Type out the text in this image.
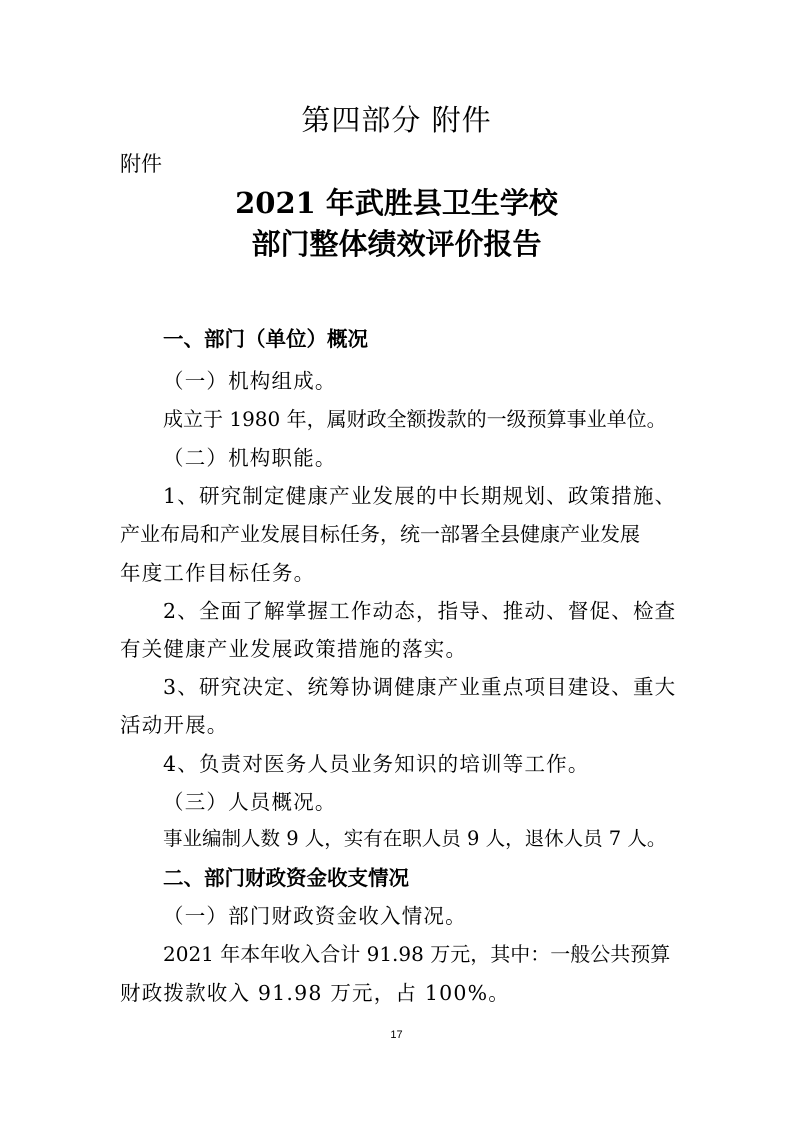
第四部分 附件
附件
2021 年武胜县卫生学校
部门整体绩效评价报告
一、部门（单位）概况
（一）机构组成。
成立于 1980 年，属财政全额拨款的一级预算事业单位。
（二）机构职能。
1、研究制定健康产业发展的中长期规划、政策措施、
产业布局和产业发展目标任务，统一部署全县健康产业发展
年度工作目标任务。
2、全面了解掌握工作动态，指导、推动、督促、检查
有关健康产业发展政策措施的落实。
3、研究决定、统筹协调健康产业重点项目建设、重大
活动开展。
4、负责对医务人员业务知识的培训等工作。
（三）人员概况。
事业编制人数 9 人，实有在职人员 9 人，退休人员 7 人。
二、部门财政资金收支情况
（一）部门财政资金收入情况。
2021 年本年收入合计 91.98 万元，其中：一般公共预算
财政拨款收入 91.98 万元，占 100%。
17
